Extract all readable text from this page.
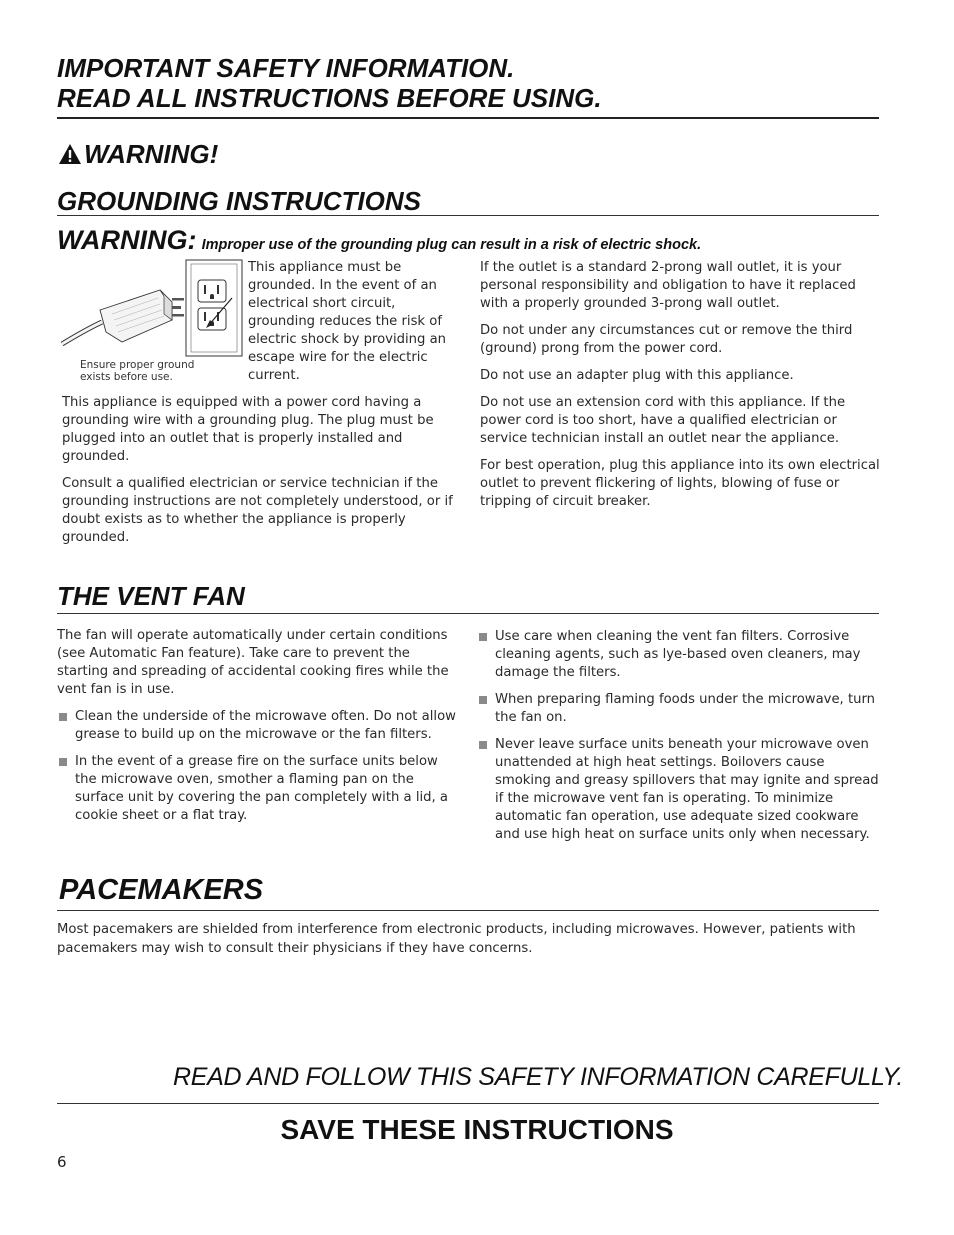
IMPORTANT SAFETY INFORMATION.
READ ALL INSTRUCTIONS BEFORE USING.
WARNING!
GROUNDING INSTRUCTIONS
WARNING: Improper use of the grounding plug can result in a risk of electric shock.
Ensure proper ground exists before use.
This appliance must be grounded. In the event of an electrical short circuit, grounding reduces the risk of electric shock by providing an escape wire for the electric current.

This appliance is equipped with a power cord having a grounding wire with a grounding plug. The plug must be plugged into an outlet that is properly installed and grounded.

Consult a qualified electrician or service technician if the grounding instructions are not completely understood, or if doubt exists as to whether the appliance is properly grounded.

If the outlet is a standard 2-prong wall outlet, it is your personal responsibility and obligation to have it replaced with a properly grounded 3-prong wall outlet.

Do not under any circumstances cut or remove the third (ground) prong from the power cord.

Do not use an adapter plug with this appliance.

Do not use an extension cord with this appliance. If the power cord is too short, have a qualified electrician or service technician install an outlet near the appliance.

For best operation, plug this appliance into its own electrical outlet to prevent flickering of lights, blowing of fuse or tripping of circuit breaker.

THE VENT FAN

The fan will operate automatically under certain conditions (see Automatic Fan feature). Take care to prevent the starting and spreading of accidental cooking fires while the vent fan is in use.

Clean the underside of the microwave often. Do not allow grease to build up on the microwave or the fan filters.
In the event of a grease fire on the surface units below the microwave oven, smother a flaming pan on the surface unit by covering the pan completely with a lid, a cookie sheet or a flat tray.
Use care when cleaning the vent fan filters. Corrosive cleaning agents, such as lye-based oven cleaners, may damage the filters.
When preparing flaming foods under the microwave, turn the fan on.
Never leave surface units beneath your microwave oven unattended at high heat settings. Boilovers cause smoking and greasy spillovers that may ignite and spread if the microwave vent fan is operating. To minimize automatic fan operation, use adequate sized cookware and use high heat on surface units only when necessary.
PACEMAKERS
Most pacemakers are shielded from interference from electronic products, including microwaves. However, patients with pacemakers may wish to consult their physicians if they have concerns.
READ AND FOLLOW THIS SAFETY INFORMATION CAREFULLY.
SAVE THESE INSTRUCTIONS
6
